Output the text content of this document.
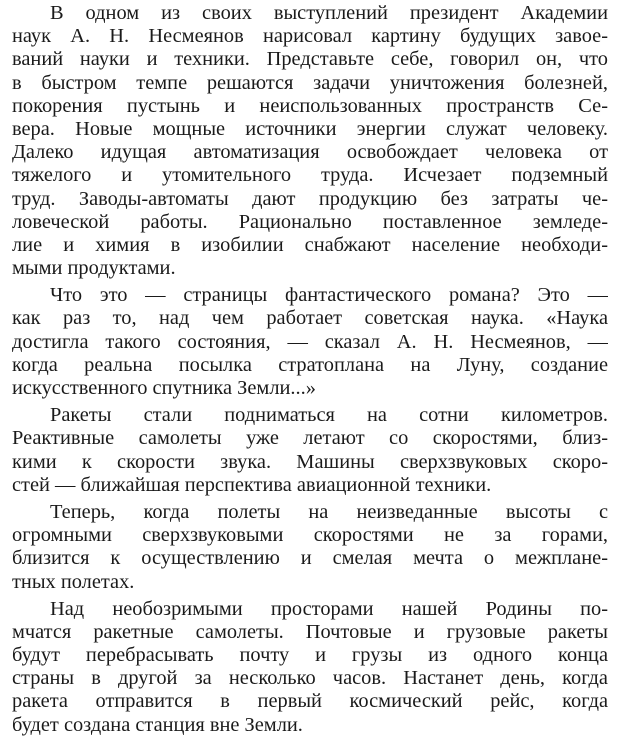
В одном из своих выступлений президент Академии
наук А. Н. Несмеянов нарисовал картину будущих завое-
ваний науки и техники. Представьте себе, говорил он, что
в быстром темпе решаются задачи уничтожения болезней,
покорения пустынь и неиспользованных пространств Се-
вера. Новые мощные источники энергии служат человеку.
Далеко идущая автоматизация освобождает человека от
тяжелого и утомительного труда. Исчезает подземный
труд. Заводы-автоматы дают продукцию без затраты че-
ловеческой работы. Рационально поставленное земледе-
лие и химия в изобилии снабжают население необходи-
мыми продуктами.
Что это — страницы фантастического романа? Это —
как раз то, над чем работает советская наука. «Наука
достигла такого состояния, — сказал А. Н. Несмеянов, —
когда реальна посылка стратоплана на Луну, создание
искусственного спутника Земли...»
Ракеты стали подниматься на сотни километров.
Реактивные самолеты уже летают со скоростями, близ-
кими к скорости звука. Машины сверхзвуковых скоро-
стей — ближайшая перспектива авиационной техники.
Теперь, когда полеты на неизведанные высоты с
огромными сверхзвуковыми скоростями не за горами,
близится к осуществлению и смелая мечта о межплане-
тных полетах.
Над необозримыми просторами нашей Родины по-
мчатся ракетные самолеты. Почтовые и грузовые ракеты
будут перебрасывать почту и грузы из одного конца
страны в другой за несколько часов. Настанет день, когда
ракета отправится в первый космический рейс, когда
будет создана станция вне Земли.
